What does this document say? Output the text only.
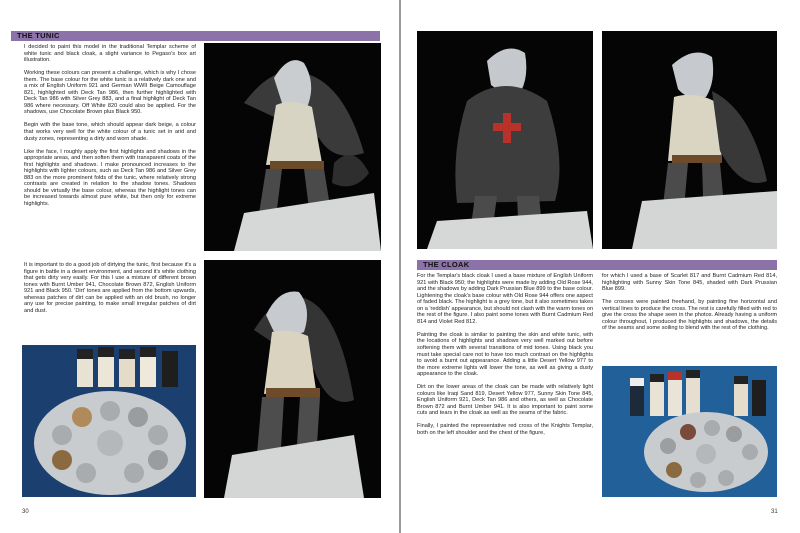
THE TUNIC

I decided to paint this model in the traditional Templar scheme of white tunic and black cloak, a slight variance to Pegaso's box art illustration.

Working these colours can present a challenge, which is why I chose them. The base colour for the white tunic is a relatively dark one and a mix of English Uniform 921 and German WWII Beige Camouflage 821, highlighted with Deck Tan 986, then further highlighted with Deck Tan 986 with Silver Grey 883, and a final highlight of Deck Tan 986 where necessary. Off White 820 could also be applied. For the shadows, use Chocolate Brown plus Black 950.

Begin with the base tone, which should appear dark beige, a colour that works very well for the white colour of a tunic set in arid and dusty zones, representing a dirty and worn shade.

Like the face, I roughly apply the first highlights and shadows in the appropriate areas, and then soften them with transparent coats of the first highlights and shadows. I make pronounced increases to the highlights with lighter colours, such as Deck Tan 986 and Silver Grey 883 on the more prominent folds of the tunic, where relatively strong contrasts are created in relation to the shadow tones. Shadows should be virtually the base colour, whereas the highlight tones can be increased towards almost pure white, but then only for extreme highlights.

It is important to do a good job of dirtying the tunic, first because it's a figure in battle in a desert environment, and second it's white clothing that gets dirty very easily. For this I use a mixture of different brown tones with Burnt Umber 941, Chocolate Brown 872, English Uniform 921 and Black 950. 'Dirt' tones are applied from the bottom upwards, whereas patches of dirt can be applied with an old brush, no longer any use for precise painting, to make small irregular patches of dirt and dust.

30
THE CLOAK

For the Templar's black cloak I used a base mixture of English Uniform 921 with Black 950; the highlights were made by adding Old Rose 944, and the shadows by adding Dark Prussian Blue 899 to the base colour. Lightening the cloak's base colour with Old Rose 944 offers one aspect of faded black. The highlight is a grey tone, but it also sometimes takes on a 'reddish' appearance, but should not clash with the warm tones on the rest of the figure. I also paint some tones with Burnt Cadmium Red 814 and Violet Red 812.

Painting the cloak is similar to painting the skin and white tunic, with the locations of highlights and shadows very well marked out before softening them with several transitions of mid tones. Using black you must take special care not to have too much contrast on the highlights to avoid a burnt out appearance. Adding a little Desert Yellow 977 to the more extreme lights will lower the tone, as well as giving a dusty appearance to the cloak.

Dirt on the lower areas of the cloak can be made with relatively light colours like Iraqi Sand 819, Desert Yellow 977, Sunny Skin Tone 845, English Uniform 921, Deck Tan 986 and others, as well as Chocolate Brown 872 and Burnt Umber 941. It is also important to paint some cuts and tears in the cloak as well as the seams of the fabric.

Finally, I painted the representative red cross of the Knights Templar, both on the left shoulder and the chest of the figure,

for which I used a base of Scarlet 817 and Burnt Cadmium Red 814, highlighting with Sunny Skin Tone 845, shaded with Dark Prussian Blue 899.

The crosses were painted freehand, by painting fine horizontal and vertical lines to produce the cross. The rest is carefully filled with red to give the cross the shape seen in the photos. Already having a uniform colour throughout, I produced the highlights and shadows, the details of the seams and some soiling to blend with the rest of the clothing.

31
